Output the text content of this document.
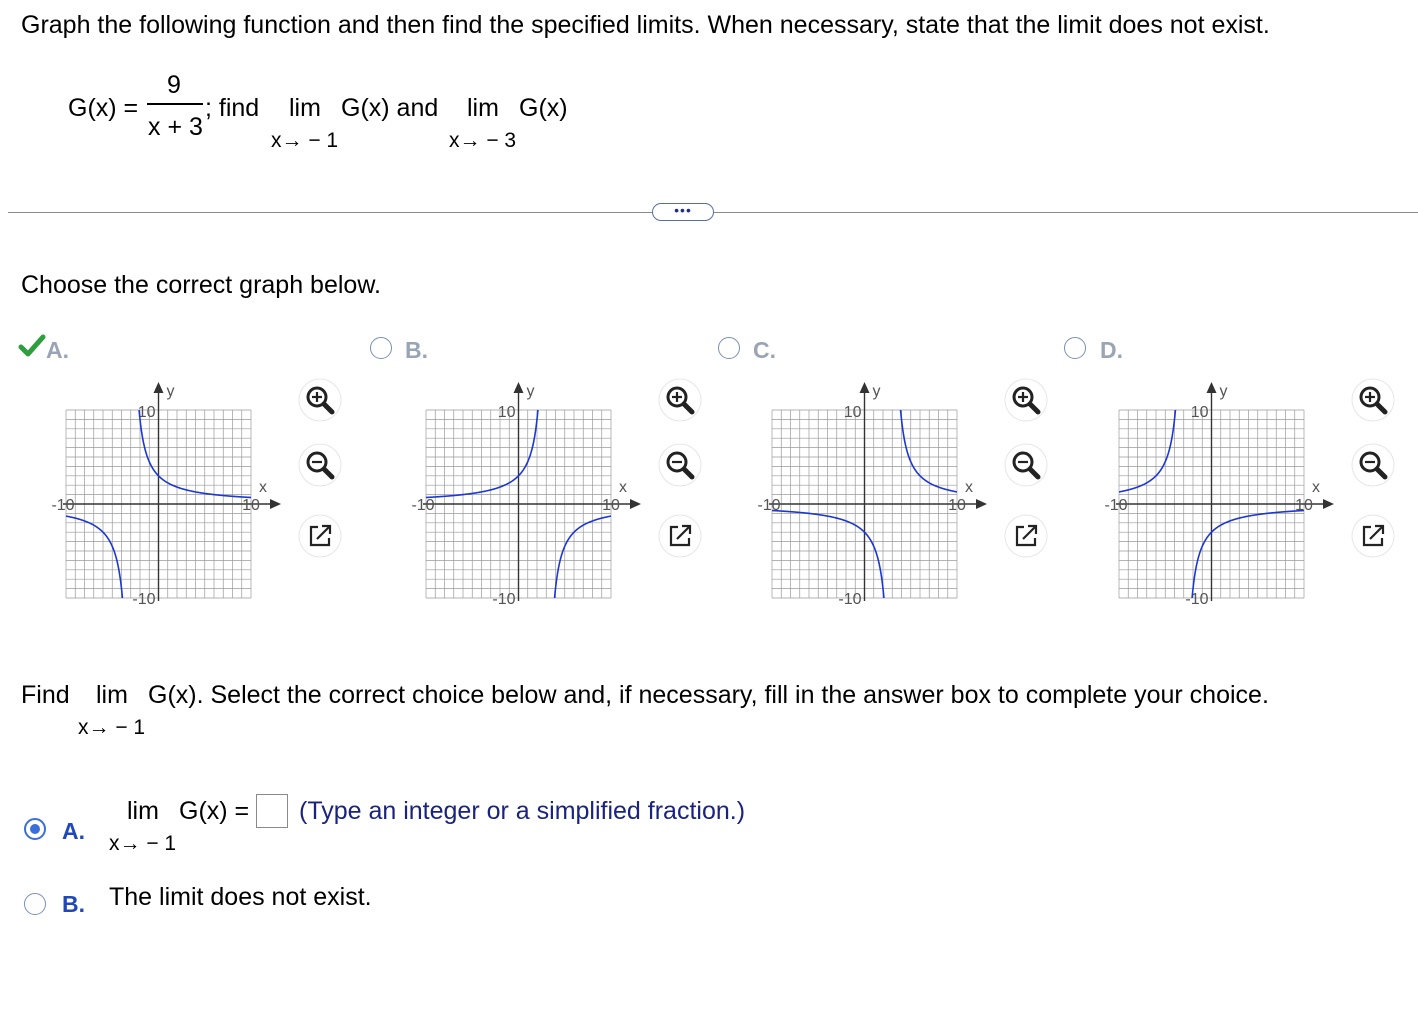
Graph the following function and then find the specified limits. When necessary, state that the limit does not exist.
G(x) =
9
x + 3
; find lim G(x) and
x→ − 1
lim G(x)
x→ − 3
•••
Choose the correct graph below.
A.	B.	C.	D.
y
x
10
-10
-10	10
y
x
10
-10
-10	10
y
x
10
-10
-10	10
y
x
10
-10
-10	10
Find lim G(x). Select the correct choice below and, if necessary, fill in the answer box to complete your choice.
x→ − 1
A.
lim G(x) =
x→ − 1
(Type an integer or a simplified fraction.)
B. The limit does not exist.
